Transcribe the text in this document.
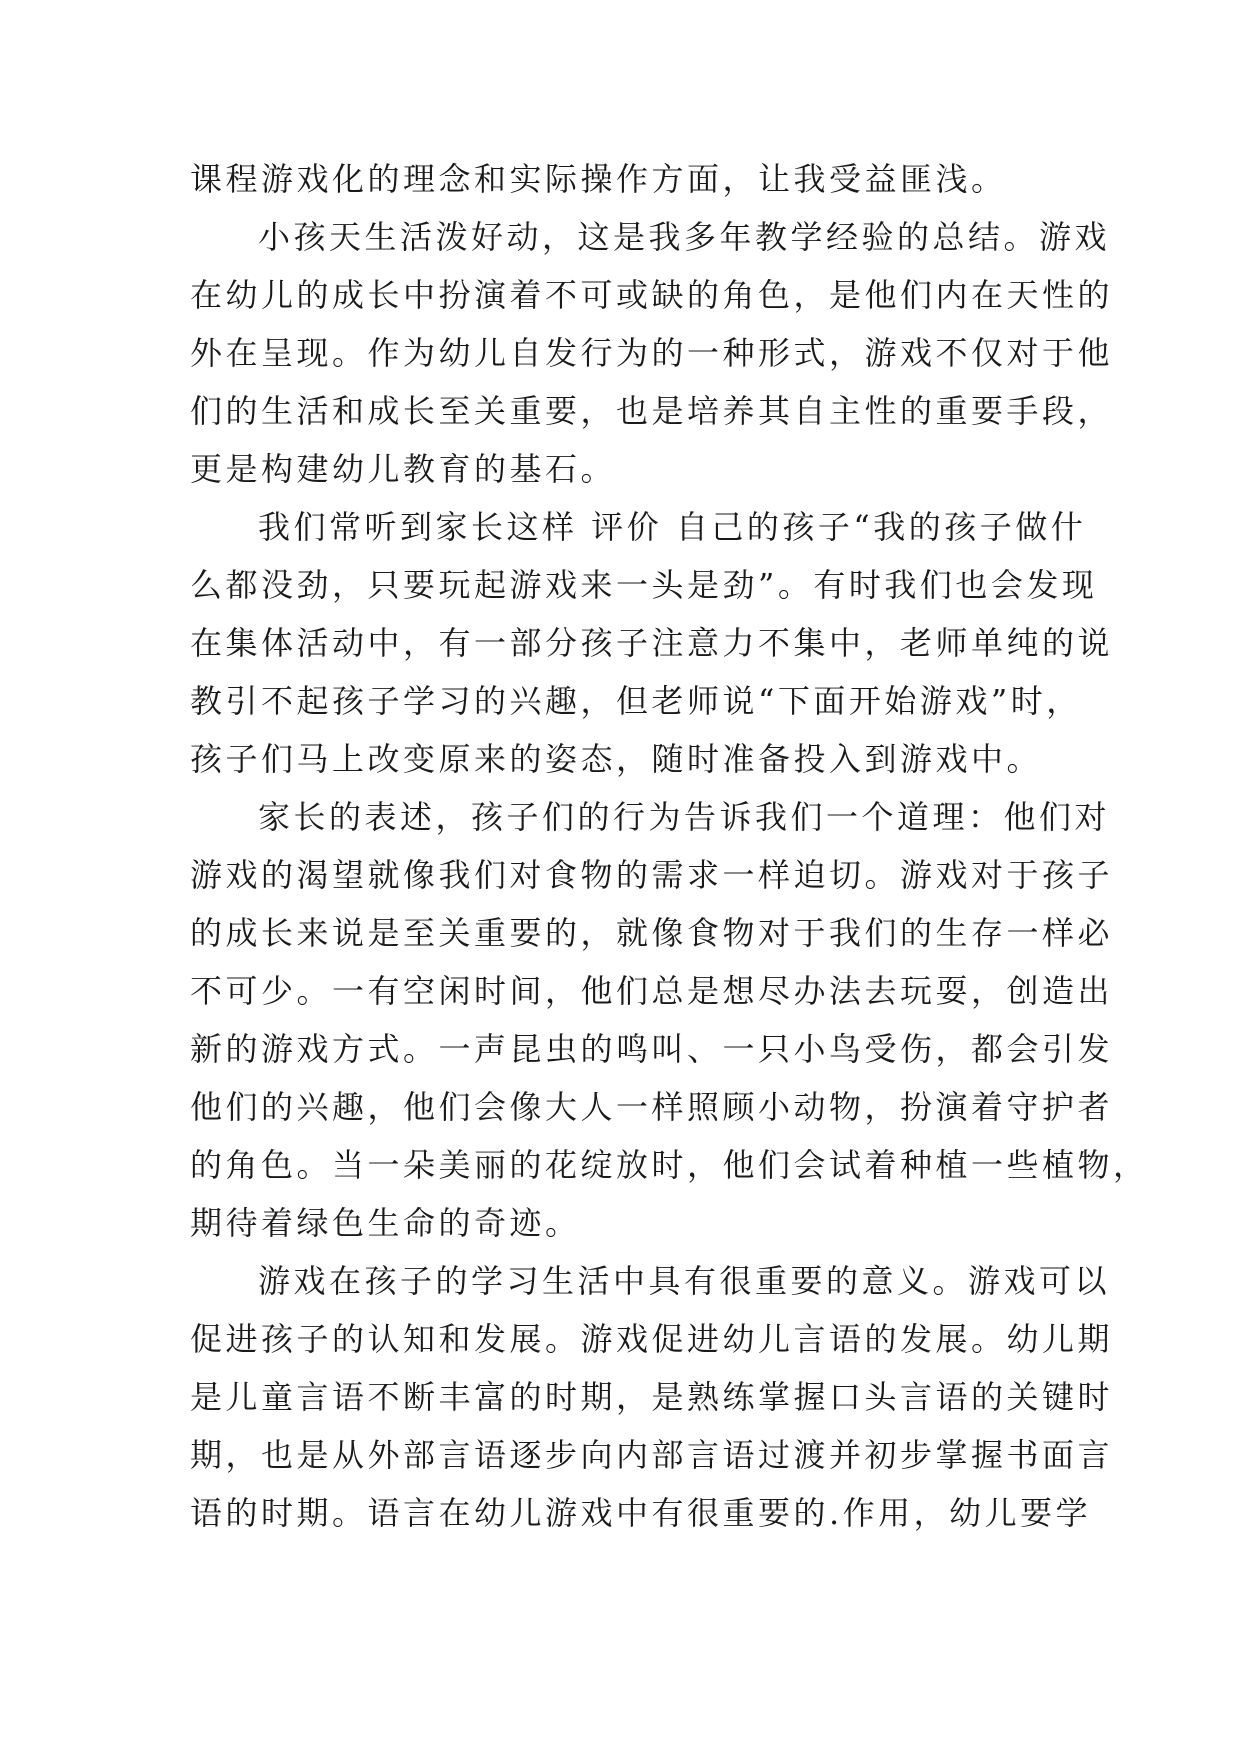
课程游戏化的理念和实际操作方面，让我受益匪浅。
小孩天生活泼好动，这是我多年教学经验的总结。游戏
在幼儿的成长中扮演着不可或缺的角色，是他们内在天性的
外在呈现。作为幼儿自发行为的一种形式，游戏不仅对于他
们的生活和成长至关重要，也是培养其自主性的重要手段，
更是构建幼儿教育的基石。
我们常听到家长这样 评价 自己的孩子“我的孩子做什
么都没劲，只要玩起游戏来一头是劲”。有时我们也会发现
在集体活动中，有一部分孩子注意力不集中，老师单纯的说
教引不起孩子学习的兴趣，但老师说“下面开始游戏”时，
孩子们马上改变原来的姿态，随时准备投入到游戏中。
家长的表述，孩子们的行为告诉我们一个道理：他们对
游戏的渴望就像我们对食物的需求一样迫切。游戏对于孩子
的成长来说是至关重要的，就像食物对于我们的生存一样必
不可少。一有空闲时间，他们总是想尽办法去玩耍，创造出
新的游戏方式。一声昆虫的鸣叫、一只小鸟受伤，都会引发
他们的兴趣，他们会像大人一样照顾小动物，扮演着守护者
的角色。当一朵美丽的花绽放时，他们会试着种植一些植物，
期待着绿色生命的奇迹。
游戏在孩子的学习生活中具有很重要的意义。游戏可以
促进孩子的认知和发展。游戏促进幼儿言语的发展。幼儿期
是儿童言语不断丰富的时期，是熟练掌握口头言语的关键时
期，也是从外部言语逐步向内部言语过渡并初步掌握书面言
语的时期。语言在幼儿游戏中有很重要的.作用，幼儿要学
